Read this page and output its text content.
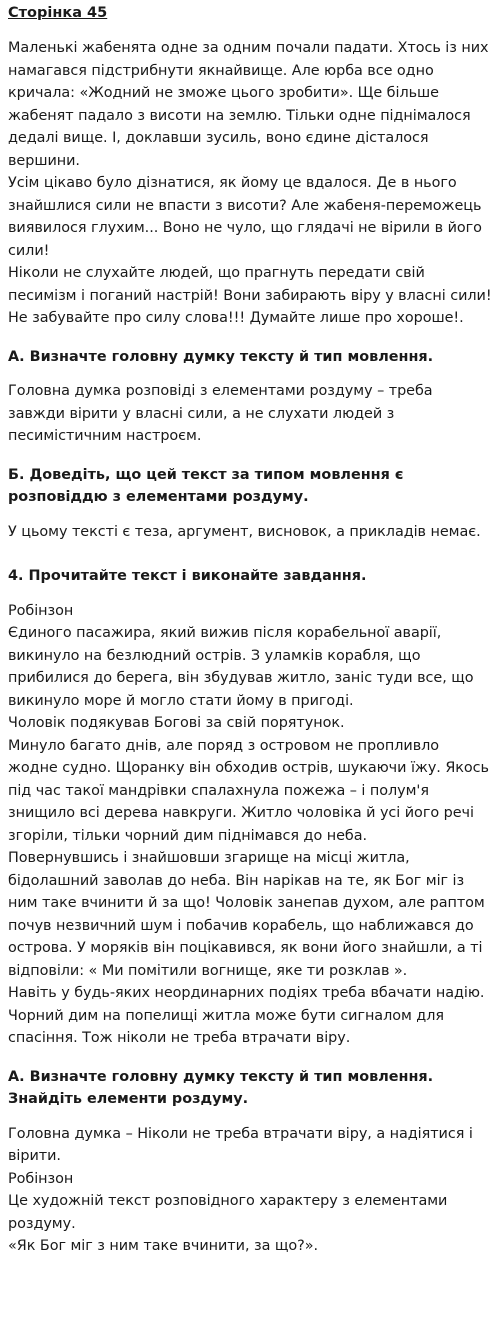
Сторінка 45

Маленькі жабенята одне за одним почали падати. Хтось із них намагався підстрибнути якнайвище. Але юрба все одно кричала: «Жодний не зможе цього зробити». Ще більше жабенят падало з висоти на землю. Тільки одне піднімалося дедалі вище. І, доклавши зусиль, воно єдине дісталося вершини.

Усім цікаво було дізнатися, як йому це вдалося. Де в нього знайшлися сили не впасти з висоти? Але жабеня-переможець виявилося глухим... Воно не чуло, що глядачі не вірили в його сили!

Ніколи не слухайте людей, що прагнуть передати свій песимізм і поганий настрій! Вони забирають віру у власні сили! Не забувайте про силу слова!!! Думайте лише про хороше!.

А. Визначте головну думку тексту й тип мовлення.

Головна думка розповіді з елементами роздуму – треба завжди вірити у власні сили, а не слухати людей з песимістичним настроєм.

Б. Доведіть, що цей текст за типом мовлення є розповіддю з елементами роздуму.

У цьому тексті є теза, аргумент, висновок, а прикладів немає.

4. Прочитайте текст і виконайте завдання.

Робінзон

Єдиного пасажира, який вижив після корабельної аварії, викинуло на безлюдний острів. З уламків корабля, що прибилися до берега, він збудував житло, заніс туди все, що викинуло море й могло стати йому в пригоді.

Чоловік подякував Богові за свій порятунок.

Минуло багато днів, але поряд з островом не пропливло жодне судно. Щоранку він обходив острів, шукаючи їжу. Якось під час такої мандрівки спалахнула пожежа – і полум'я знищило всі дерева навкруги. Житло чоловіка й усі його речі згоріли, тільки чорний дим піднімався до неба.

Повернувшись і знайшовши згарище на місці житла, бідолашний заволав до неба. Він нарікав на те, як Бог міг із ним таке вчинити й за що! Чоловік занепав духом, але раптом почув незвичний шум і побачив корабель, що наближався до острова. У моряків він поцікавився, як вони його знайшли, а ті відповіли: « Ми помітили вогнище, яке ти розклав ».

Навіть у будь-яких неординарних подіях треба вбачати надію. Чорний дим на попелищі житла може бути сигналом для спасіння. Тож ніколи не треба втрачати віру.

А. Визначте головну думку тексту й тип мовлення. Знайдіть елементи роздуму.

Головна думка – Ніколи не треба втрачати віру, а надіятися і вірити.

Робінзон

Це художній текст розповідного характеру з елементами роздуму.

«Як Бог міг з ним таке вчинити, за що?».
